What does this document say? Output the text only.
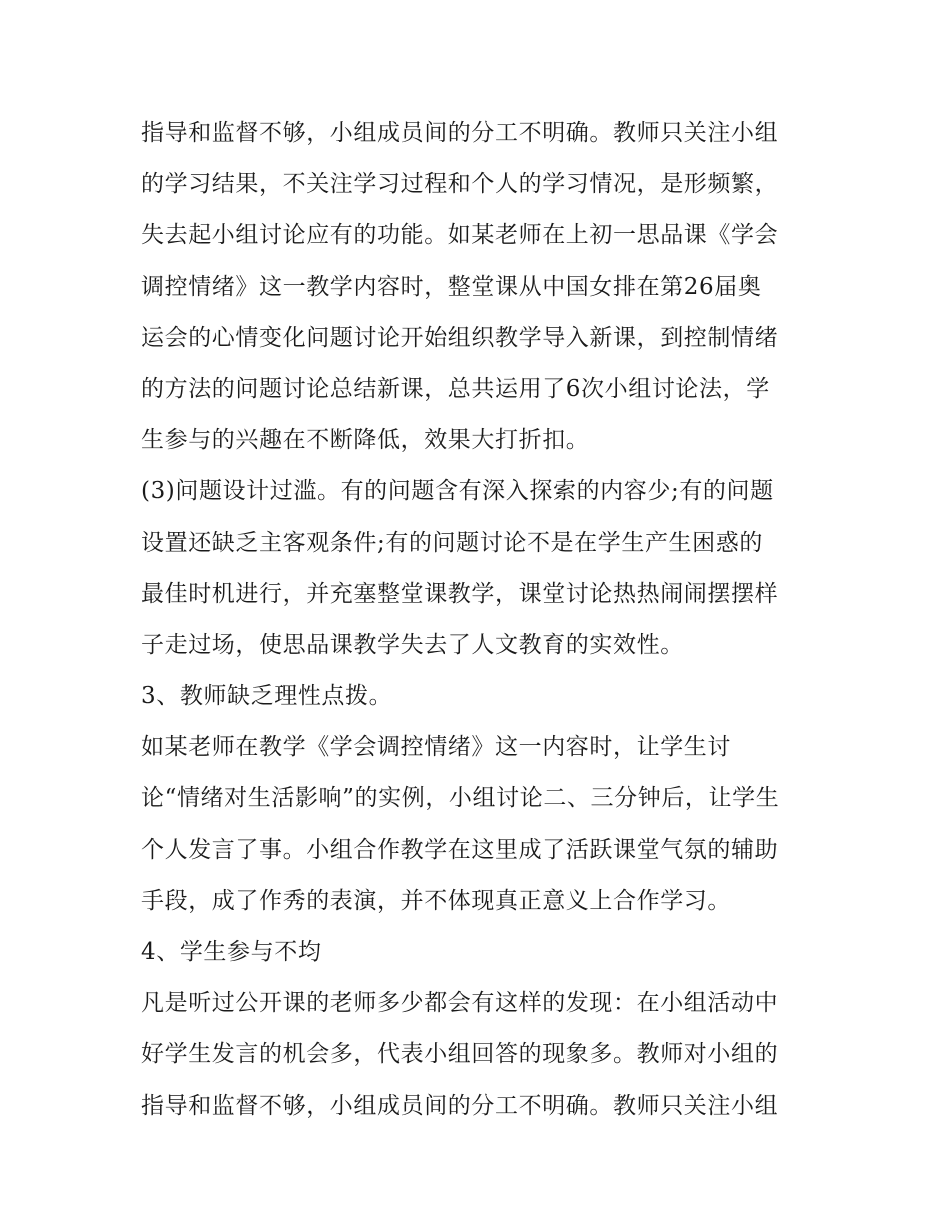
指导和监督不够，小组成员间的分工不明确。教师只关注小组
的学习结果，不关注学习过程和个人的学习情况，是形频繁，
失去起小组讨论应有的功能。如某老师在上初一思品课《学会
调控情绪》这一教学内容时，整堂课从中国女排在第26届奥
运会的心情变化问题讨论开始组织教学导入新课，到控制情绪
的方法的问题讨论总结新课，总共运用了6次小组讨论法，学
生参与的兴趣在不断降低，效果大打折扣。
(3)问题设计过滥。有的问题含有深入探索的内容少;有的问题
设置还缺乏主客观条件;有的问题讨论不是在学生产生困惑的
最佳时机进行，并充塞整堂课教学，课堂讨论热热闹闹摆摆样
子走过场，使思品课教学失去了人文教育的实效性。
3、教师缺乏理性点拨。
如某老师在教学《学会调控情绪》这一内容时，让学生讨
论“情绪对生活影响”的实例，小组讨论二、三分钟后，让学生
个人发言了事。小组合作教学在这里成了活跃课堂气氛的辅助
手段，成了作秀的表演，并不体现真正意义上合作学习。
4、学生参与不均
凡是听过公开课的老师多少都会有这样的发现：在小组活动中
好学生发言的机会多，代表小组回答的现象多。教师对小组的
指导和监督不够，小组成员间的分工不明确。教师只关注小组
